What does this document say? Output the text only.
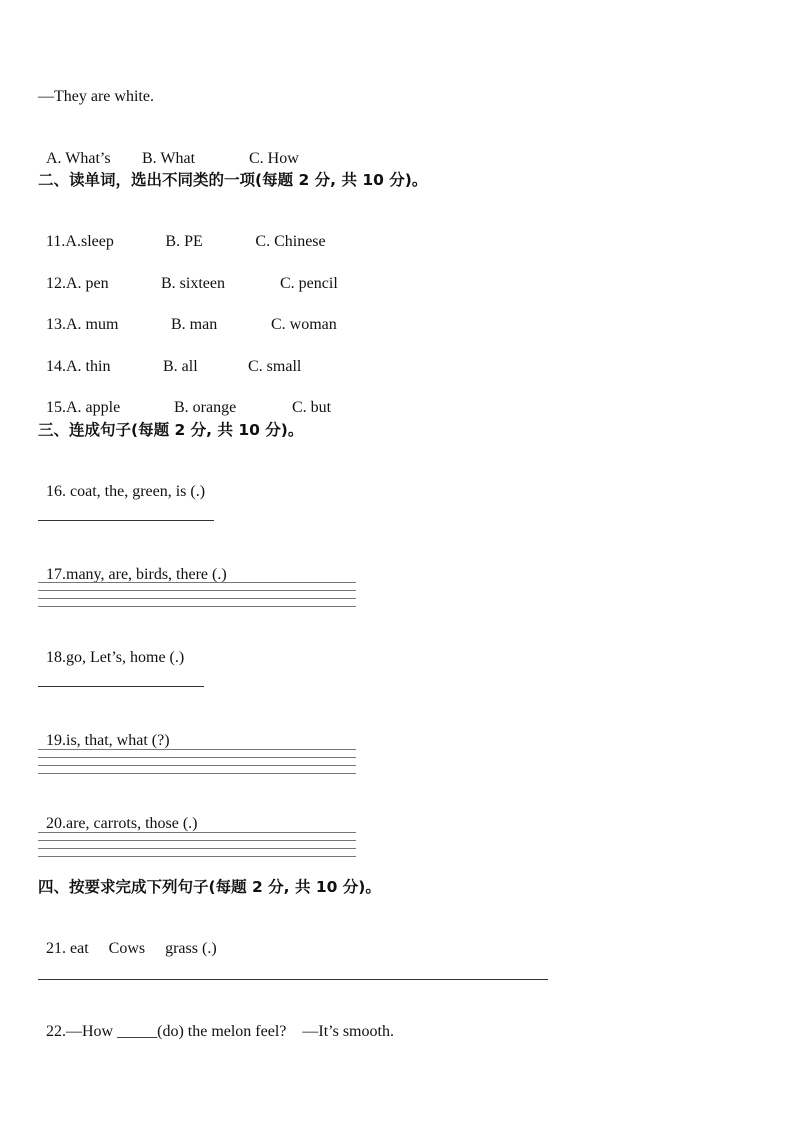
—They are white.

A. What’s B. What	C. How

二、读单词，选出不同类的一项(每题 2 分, 共 10 分)。

11.A.sleep	B. PE	C. Chinese

12.A. pen	B. sixteen	C. pencil

13.A. mum	B. man	C. woman

14.A. thin	B. all	C. small

15.A. apple	B. orange	C. but

三、连成句子(每题 2 分, 共 10 分)。

16. coat, the, green, is (.)

17.many, are, birds, there (.)

18.go, Let’s, home (.)

19.is, that, what (?)

20.are, carrots, those (.)

四、按要求完成下列句子(每题 2 分, 共 10 分)。

21. eat     Cows     grass (.)

22.—How _____(do) the melon feel?    —It’s smooth.
